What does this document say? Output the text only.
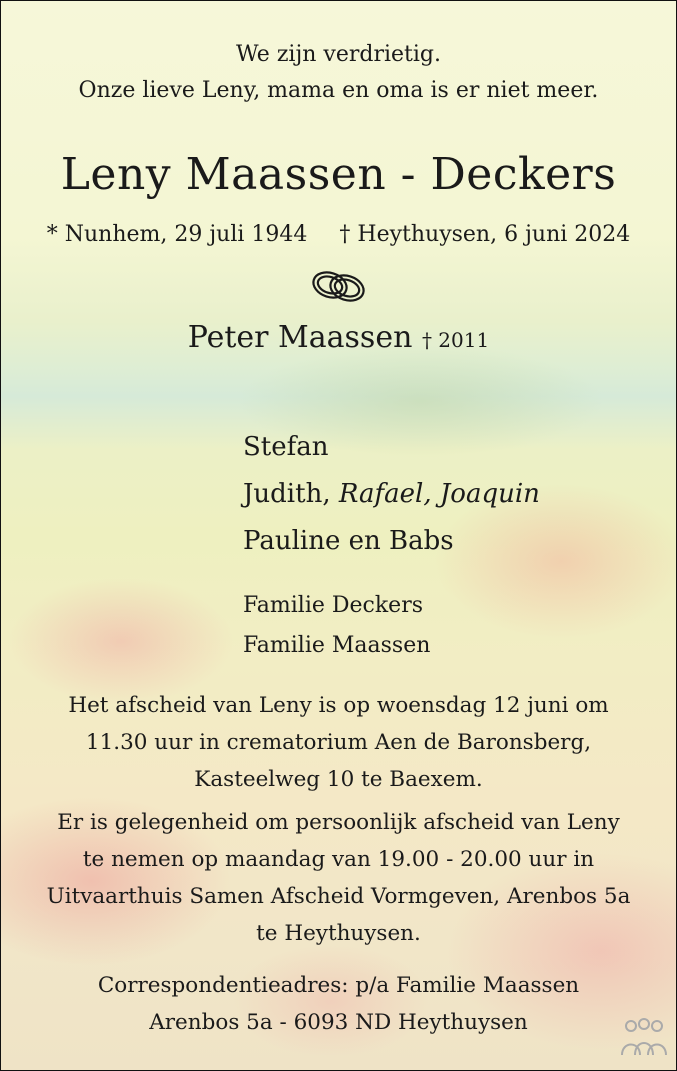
We zijn verdrietig.
Onze lieve Leny, mama en oma is er niet meer.
Leny Maassen - Deckers
* Nunhem, 29 juli 1944 † Heythuysen, 6 juni 2024
Peter Maassen † 2011
Stefan
Judith, Rafael, Joaquin
Pauline en Babs
Familie Deckers
Familie Maassen
Het afscheid van Leny is op woensdag 12 juni om
11.30 uur in crematorium Aen de Baronsberg,
Kasteelweg 10 te Baexem.
Er is gelegenheid om persoonlijk afscheid van Leny
te nemen op maandag van 19.00 - 20.00 uur in
Uitvaarthuis Samen Afscheid Vormgeven, Arenbos 5a
te Heythuysen.
Correspondentieadres: p/a Familie Maassen
Arenbos 5a - 6093 ND Heythuysen
